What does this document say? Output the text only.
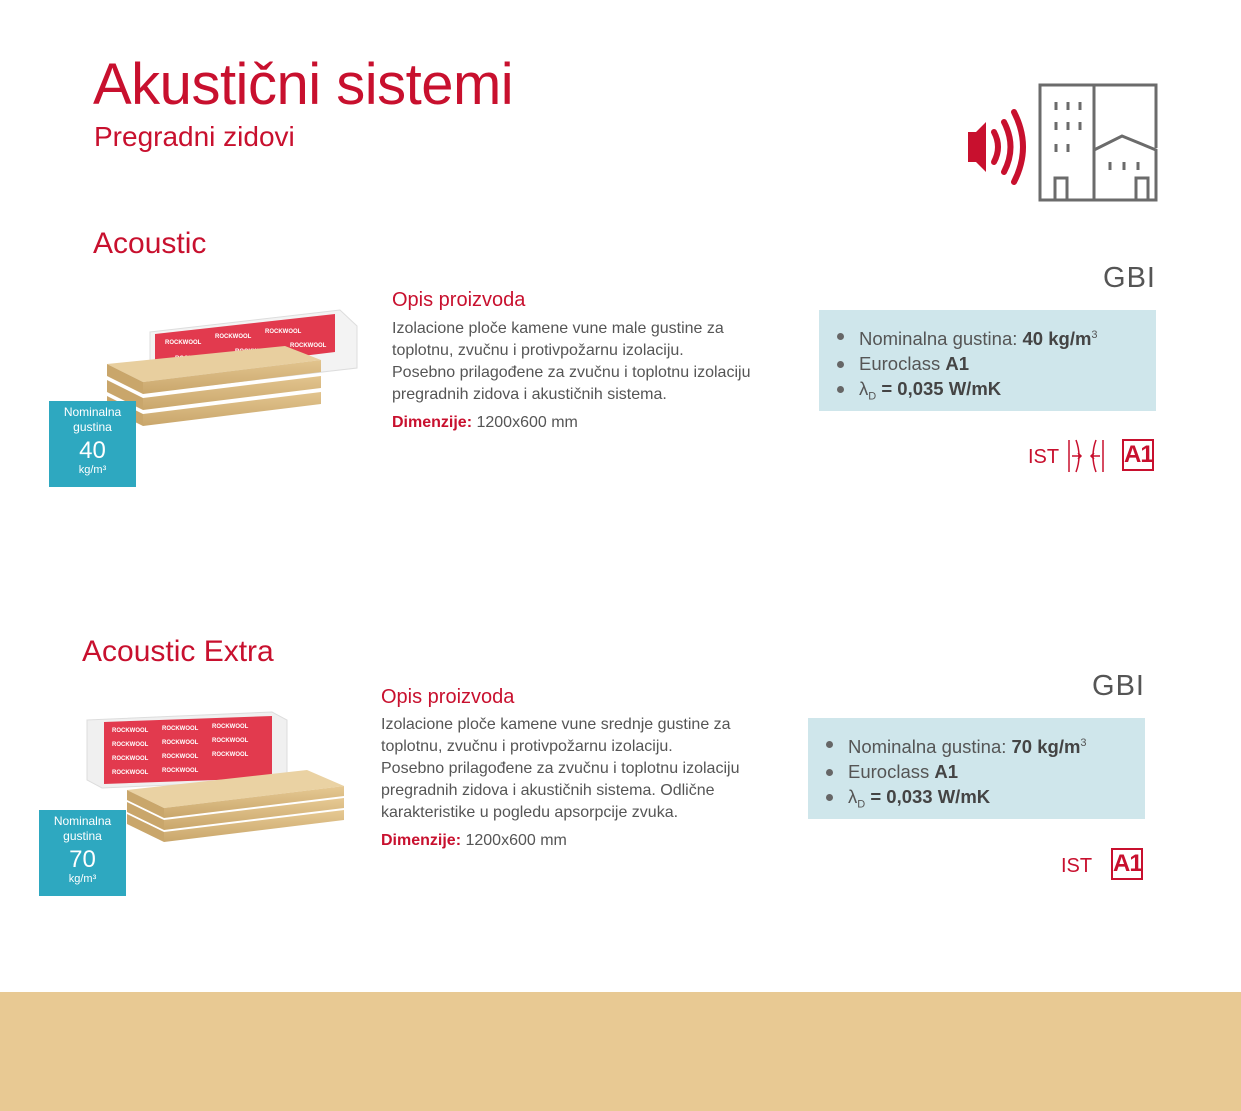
Akustični sistemi
Pregradni zidovi
Acoustic
ROCKWOOL
ROCKWOOL
ROCKWOOL
ROCKWOOL
Nominalna
gustina
40
kg/m³
Opis proizvoda

Izolacione ploče kamene vune male gustine za

toplotnu, zvučnu i protivpožarnu izolaciju.

Posebno prilagođene za zvučnu i toplotnu izolaciju

pregradnih zidova i akustičnih sistema.

Dimenzije: 1200x600 mm
GBI
Nominalna gustina: 40 $kg/m^3$
Euroclass A1
$\lambda_D = 0,035$ W/mK
IST	A1
Acoustic Extra
ROCKWOOL ROCKWOOL ROCKWOOL
ROCKWOOL ROCKWOOL ROCKWOOL
ROCKWOOL ROCKWOOL ROCKWOOL
ROCKWOOL ROCKWOOL
Nominalna
gustina
70
kg/m³
Opis proizvoda

Izolacione ploče kamene vune srednje gustine za

toplotnu, zvučnu i protivpožarnu izolaciju.

Posebno prilagođene za zvučnu i toplotnu izolaciju

pregradnih zidova i akustičnih sistema. Odlične

karakteristike u pogledu apsorpcije zvuka.

Dimenzije: 1200x600 mm
GBI
Nominalna gustina: 70 $kg/m^3$
Euroclass A1
$\lambda_D = 0,033$ W/mK
IST A1
